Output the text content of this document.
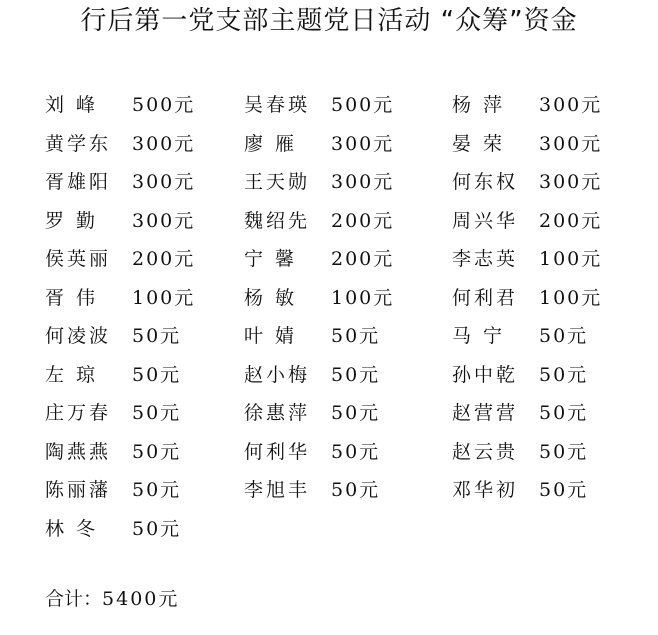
行后第一党支部主题党日活动 “众筹”资金
刘 峰 500元
黄学东 300元
胥雄阳 300元
罗 勤 300元
侯英丽 200元
胥 伟 100元
何凌波 50元
左 琼 50元
庄万春 50元
陶燕燕 50元
陈丽藩 50元
林 冬 50元
吴春瑛 500元
廖 雁 300元
王天勋 300元
魏绍先 200元
宁 馨 200元
杨 敏 100元
叶 婧 50元
赵小梅 50元
徐惠萍 50元
何利华 50元
李旭丰 50元
杨 萍 300元
晏 荣 300元
何东权 300元
周兴华 200元
李志英 100元
何利君 100元
马 宁 50元
孙中乾 50元
赵营营 50元
赵云贵 50元
邓华初 50元
合计：5400元
